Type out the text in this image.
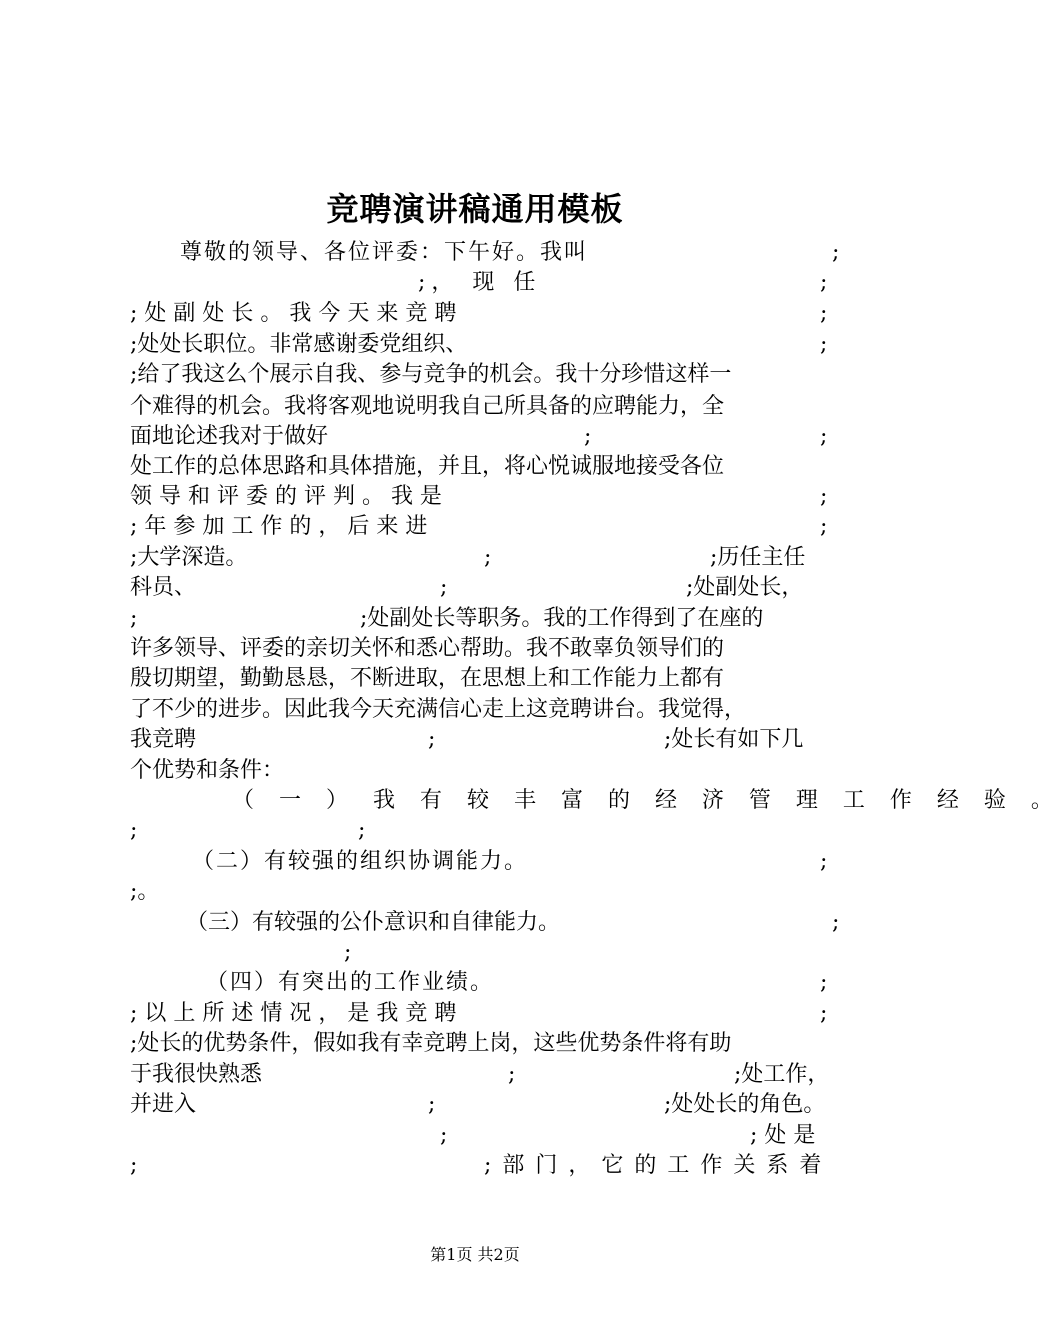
竞聘演讲稿通用模板
尊敬的领导、各位评委：下午好。我叫	;
;， 现 任	;
; 处 副 处 长 。 我 今 天 来 竞 聘	;
;处处长职位。非常感谢委党组织、	;
;给了我这么个展示自我、参与竞争的机会。我十分珍惜这样一
个难得的机会。我将客观地说明我自己所具备的应聘能力，全
面地论述我对于做好	;	;
处工作的总体思路和具体措施，并且，将心悦诚服地接受各位
领 导 和 评 委 的 评 判 。 我 是	;
; 年 参 加 工 作 的 ， 后 来 进	;
;大学深造。	;	;历任主任
科员、	;	;处副处长，
;	;处副处长等职务。我的工作得到了在座的
许多领导、评委的亲切关怀和悉心帮助。我不敢辜负领导们的
殷切期望，勤勤恳恳，不断进取，在思想上和工作能力上都有
了不少的进步。因此我今天充满信心走上这竞聘讲台。我觉得，
我竞聘	;	;处长有如下几
个优势和条件：
（ 一 ） 我 有 较 丰 富 的 经 济 管 理 工 作 经 验 。
;	;
（二）有较强的组织协调能力。	;
;。
（三）有较强的公仆意识和自律能力。	;
;
（四）有突出的工作业绩。	;
; 以 上 所 述 情 况 ， 是 我 竞 聘	;
;处长的优势条件，假如我有幸竞聘上岗，这些优势条件将有助
于我很快熟悉	;	;处工作，
并进入	;	;处处长的角色。
;	; 处 是
;	; 部 门 ， 它 的 工 作 关 系 着
第1页 共2页
